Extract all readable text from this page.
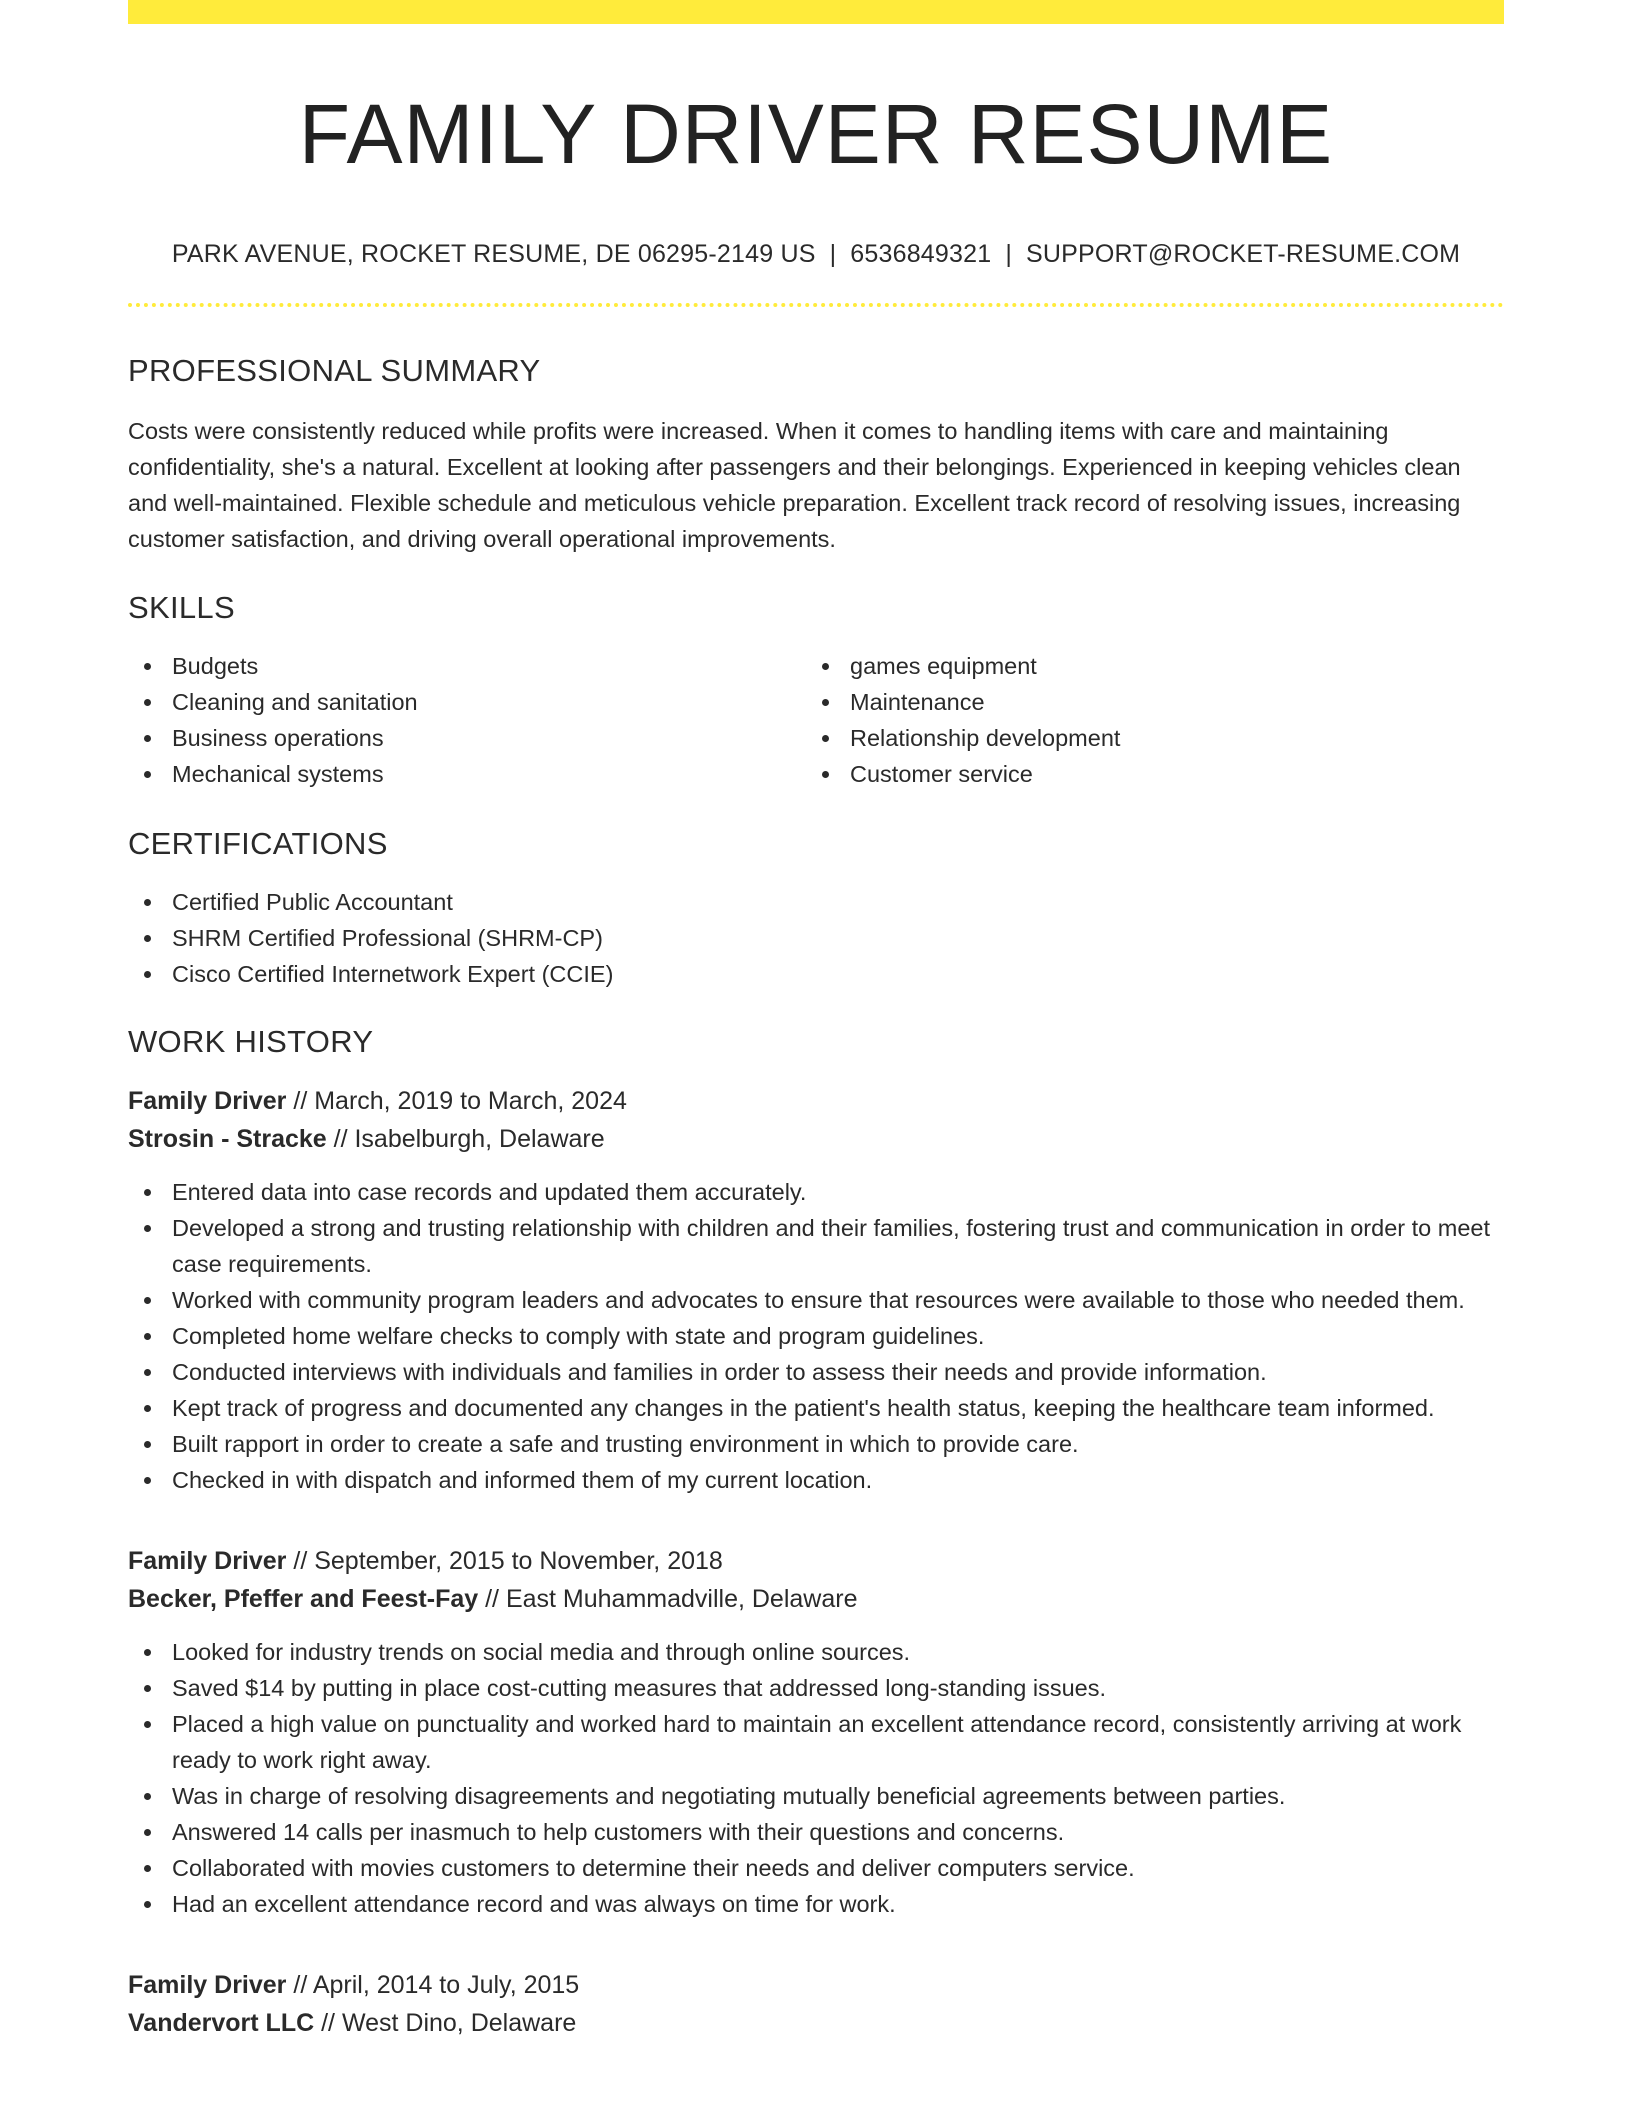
FAMILY DRIVER RESUME
PARK AVENUE, ROCKET RESUME, DE 06295-2149 US | 6536849321 | SUPPORT@ROCKET-RESUME.COM
PROFESSIONAL SUMMARY

Costs were consistently reduced while profits were increased. When it comes to handling items with care and maintaining confidentiality, she's a natural. Excellent at looking after passengers and their belongings. Experienced in keeping vehicles clean and well-maintained. Flexible schedule and meticulous vehicle preparation. Excellent track record of resolving issues, increasing customer satisfaction, and driving overall operational improvements.

SKILLS
Budgets
Cleaning and sanitation
Business operations
Mechanical systems
games equipment
Maintenance
Relationship development
Customer service
CERTIFICATIONS
Certified Public Accountant
SHRM Certified Professional (SHRM-CP)
Cisco Certified Internetwork Expert (CCIE)
WORK HISTORY
Family Driver // March, 2019 to March, 2024
Strosin - Stracke // Isabelburgh, Delaware
Entered data into case records and updated them accurately.
Developed a strong and trusting relationship with children and their families, fostering trust and communication in order to meet case requirements.
Worked with community program leaders and advocates to ensure that resources were available to those who needed them.
Completed home welfare checks to comply with state and program guidelines.
Conducted interviews with individuals and families in order to assess their needs and provide information.
Kept track of progress and documented any changes in the patient's health status, keeping the healthcare team informed.
Built rapport in order to create a safe and trusting environment in which to provide care.
Checked in with dispatch and informed them of my current location.
Family Driver // September, 2015 to November, 2018
Becker, Pfeffer and Feest-Fay // East Muhammadville, Delaware
Looked for industry trends on social media and through online sources.
Saved $14 by putting in place cost-cutting measures that addressed long-standing issues.
Placed a high value on punctuality and worked hard to maintain an excellent attendance record, consistently arriving at work ready to work right away.
Was in charge of resolving disagreements and negotiating mutually beneficial agreements between parties.
Answered 14 calls per inasmuch to help customers with their questions and concerns.
Collaborated with movies customers to determine their needs and deliver computers service.
Had an excellent attendance record and was always on time for work.
Family Driver // April, 2014 to July, 2015
Vandervort LLC // West Dino, Delaware
